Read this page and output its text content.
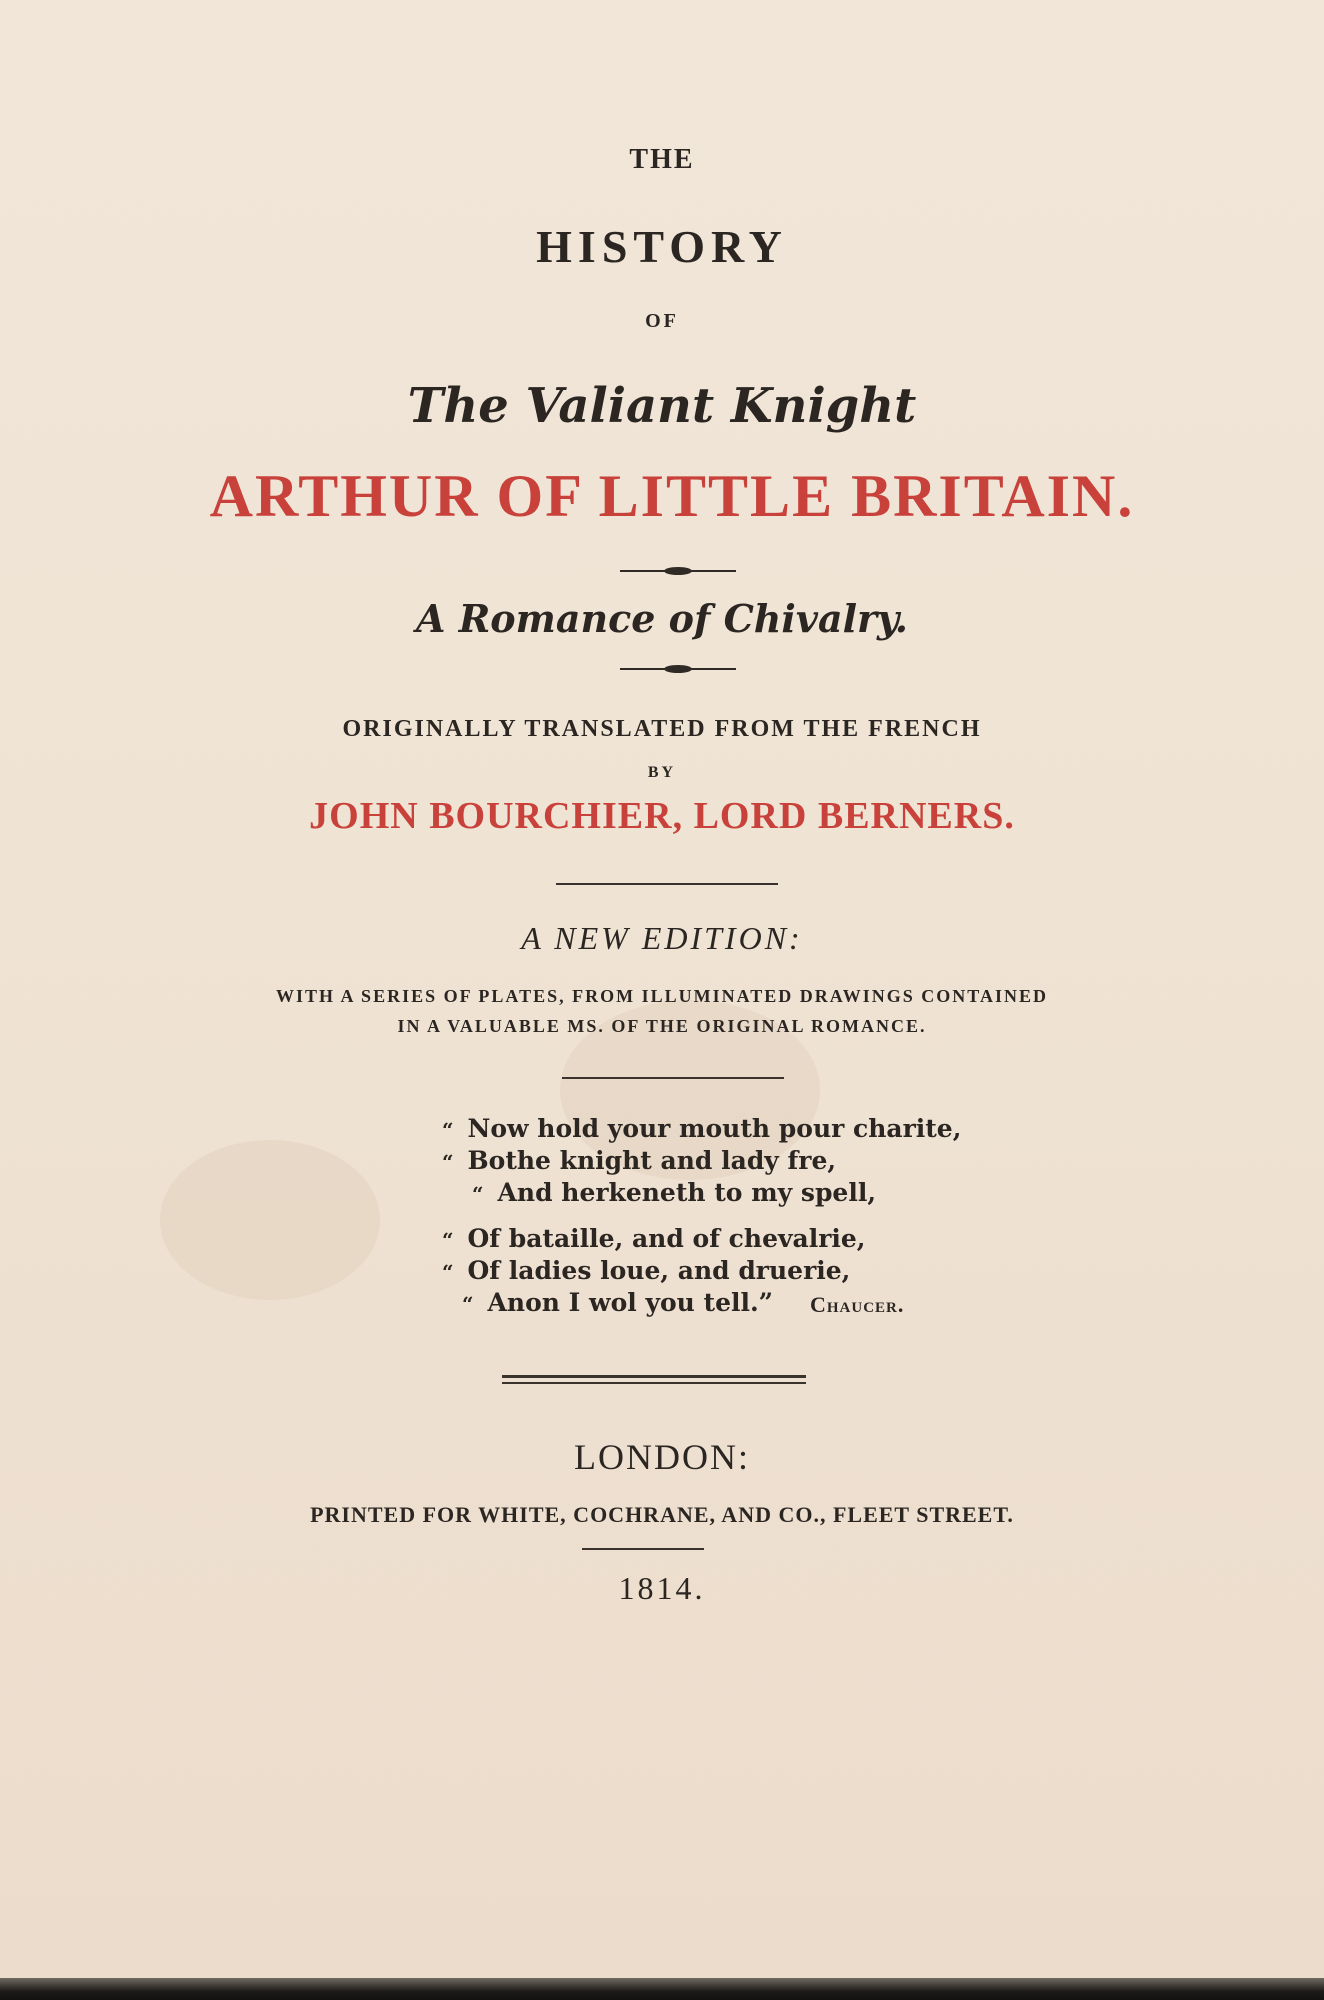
THE
HISTORY
OF
The Valiant Knight
ARTHUR OF LITTLE BRITAIN.
A Romance of Chivalry.
ORIGINALLY TRANSLATED FROM THE FRENCH
BY
JOHN BOURCHIER, LORD BERNERS.
A NEW EDITION:
WITH A SERIES OF PLATES, FROM ILLUMINATED DRAWINGS CONTAINED
IN A VALUABLE MS. OF THE ORIGINAL ROMANCE.
“ Now hold your mouth pour charite,
“ Bothe knight and lady fre,
“ And herkeneth to my spell,
“ Of bataille, and of chevalrie,
“ Of ladies loue, and druerie,
“ Anon I wol you tell.” Chaucer.
LONDON:
PRINTED FOR WHITE, COCHRANE, AND CO., FLEET STREET.
1814.
